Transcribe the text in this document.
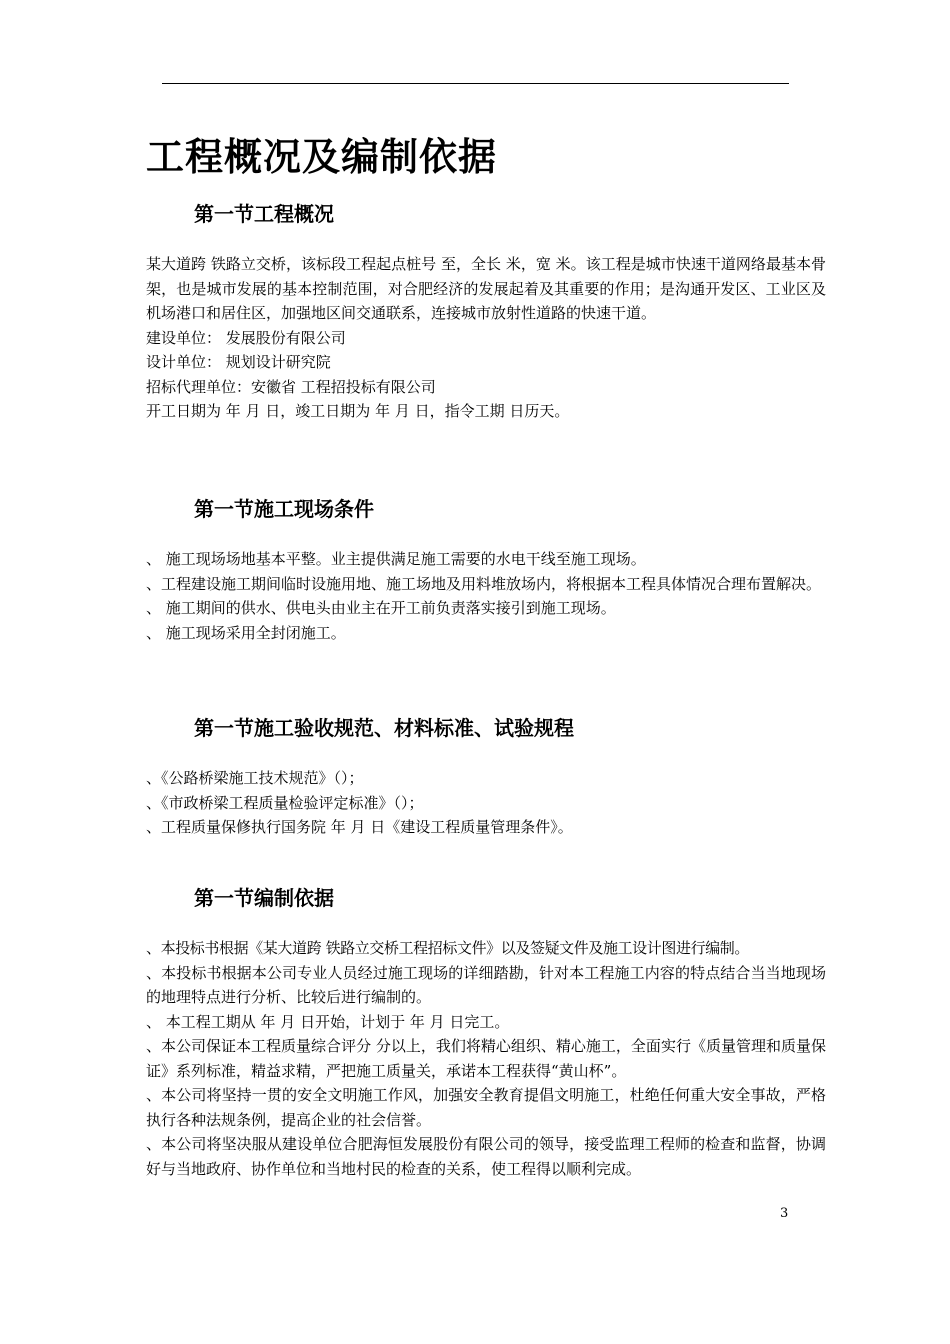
工程概况及编制依据
第一节工程概况

某大道跨 铁路立交桥，该标段工程起点桩号 至，全长 米，宽 米。该工程是城市快速干道网络最基本骨架，也是城市发展的基本控制范围，对合肥经济的发展起着及其重要的作用；是沟通开发区、工业区及机场港口和居住区，加强地区间交通联系，连接城市放射性道路的快速干道。

建设单位： 发展股份有限公司

设计单位： 规划设计研究院

招标代理单位：安徽省 工程招投标有限公司

开工日期为 年 月 日，竣工日期为 年 月 日，指令工期 日历天。

第一节施工现场条件

、 施工现场场地基本平整。业主提供满足施工需要的水电干线至施工现场。

、工程建设施工期间临时设施用地、施工场地及用料堆放场内，将根据本工程具体情况合理布置解决。

、 施工期间的供水、供电头由业主在开工前负责落实接引到施工现场。

、 施工现场采用全封闭施工。

第一节施工验收规范、材料标准、试验规程

、《公路桥梁施工技术规范》（）；

、《市政桥梁工程质量检验评定标准》（）；

、工程质量保修执行国务院 年 月 日《建设工程质量管理条件》。

第一节编制依据

、本投标书根据《某大道跨 铁路立交桥工程招标文件》以及签疑文件及施工设计图进行编制。

、本投标书根据本公司专业人员经过施工现场的详细踏勘，针对本工程施工内容的特点结合当当地现场的地理特点进行分析、比较后进行编制的。

、 本工程工期从 年 月 日开始，计划于 年 月 日完工。

、本公司保证本工程质量综合评分 分以上，我们将精心组织、精心施工，全面实行《质量管理和质量保证》系列标准，精益求精，严把施工质量关，承诺本工程获得“黄山杯”。

、本公司将坚持一贯的安全文明施工作风，加强安全教育提倡文明施工，杜绝任何重大安全事故，严格执行各种法规条例，提高企业的社会信誉。

、本公司将坚决服从建设单位合肥海恒发展股份有限公司的领导，接受监理工程师的检查和监督，协调好与当地政府、协作单位和当地村民的检查的关系，使工程得以顺利完成。

3
